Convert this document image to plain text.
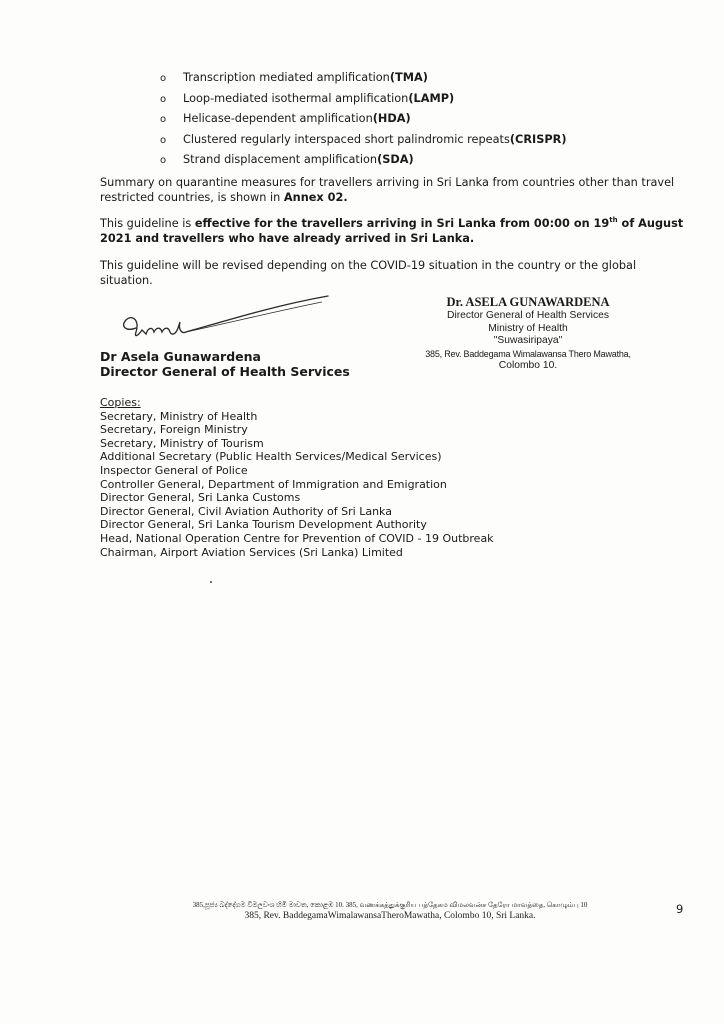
o	Transcription mediated amplification (TMA)
o	Loop-mediated isothermal amplification (LAMP)
o	Helicase-dependent amplification (HDA)
o	Clustered regularly interspaced short palindromic repeats (CRISPR)
o	Strand displacement amplification (SDA)
Summary on quarantine measures for travellers arriving in Sri Lanka from countries other than travel restricted countries, is shown in Annex 02.
This guideline is effective for the travellers arriving in Sri Lanka from 00:00 on 19th of August 2021 and travellers who have already arrived in Sri Lanka.
This guideline will be revised depending on the COVID-19 situation in the country or the global situation.
Dr. ASELA GUNAWARDENA
Director General of Health Services
Ministry of Health
"Suwasiripaya"
385, Rev. Baddegama Wimalawansa Thero Mawatha,
Colombo 10.
Dr Asela Gunawardena
Director General of Health Services
Copies:
Secretary, Ministry of Health
Secretary, Foreign Ministry
Secretary, Ministry of Tourism
Additional Secretary (Public Health Services/Medical Services)
Inspector General of Police
Controller General, Department of Immigration and Emigration
Director General, Sri Lanka Customs
Director General, Civil Aviation Authority of Sri Lanka
Director General, Sri Lanka Tourism Development Authority
Head, National Operation Centre for Prevention of COVID - 19 Outbreak
Chairman, Airport Aviation Services (Sri Lanka) Limited
385,පූජ්‍ය බද්දේගම විමලවංශ හිමි මාවත, කොළඹ 10. 385, வணக்கத்துக்குரிய பத்தேகம விமலவன்ச தேரோ மாவத்தை, கொழும்பு 10
385, Rev. BaddegamaWimalawansaTheroMawatha, Colombo 10, Sri Lanka.	9
